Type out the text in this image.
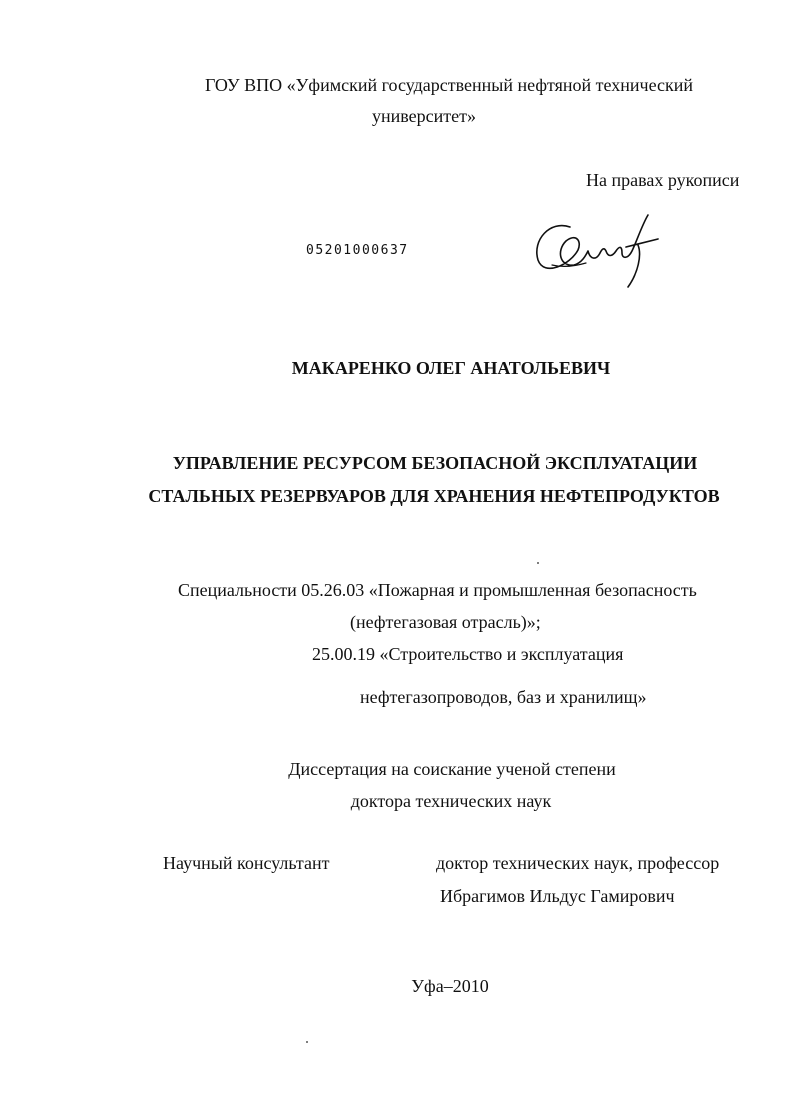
ГОУ ВПО «Уфимский государственный нефтяной технический
университет»
На правах рукописи
05201000637
МАКАРЕНКО ОЛЕГ АНАТОЛЬЕВИЧ
УПРАВЛЕНИЕ РЕСУРСОМ БЕЗОПАСНОЙ ЭКСПЛУАТАЦИИ
СТАЛЬНЫХ РЕЗЕРВУАРОВ ДЛЯ ХРАНЕНИЯ НЕФТЕПРОДУКТОВ
Специальности 05.26.03 «Пожарная и промышленная безопасность
(нефтегазовая отрасль)»;
25.00.19 «Строительство и эксплуатация
нефтегазопроводов, баз и хранилищ»
Диссертация на соискание ученой степени
доктора технических наук
Научный консультант	доктор технических наук, профессор
Ибрагимов Ильдус Гамирович
Уфа–2010
